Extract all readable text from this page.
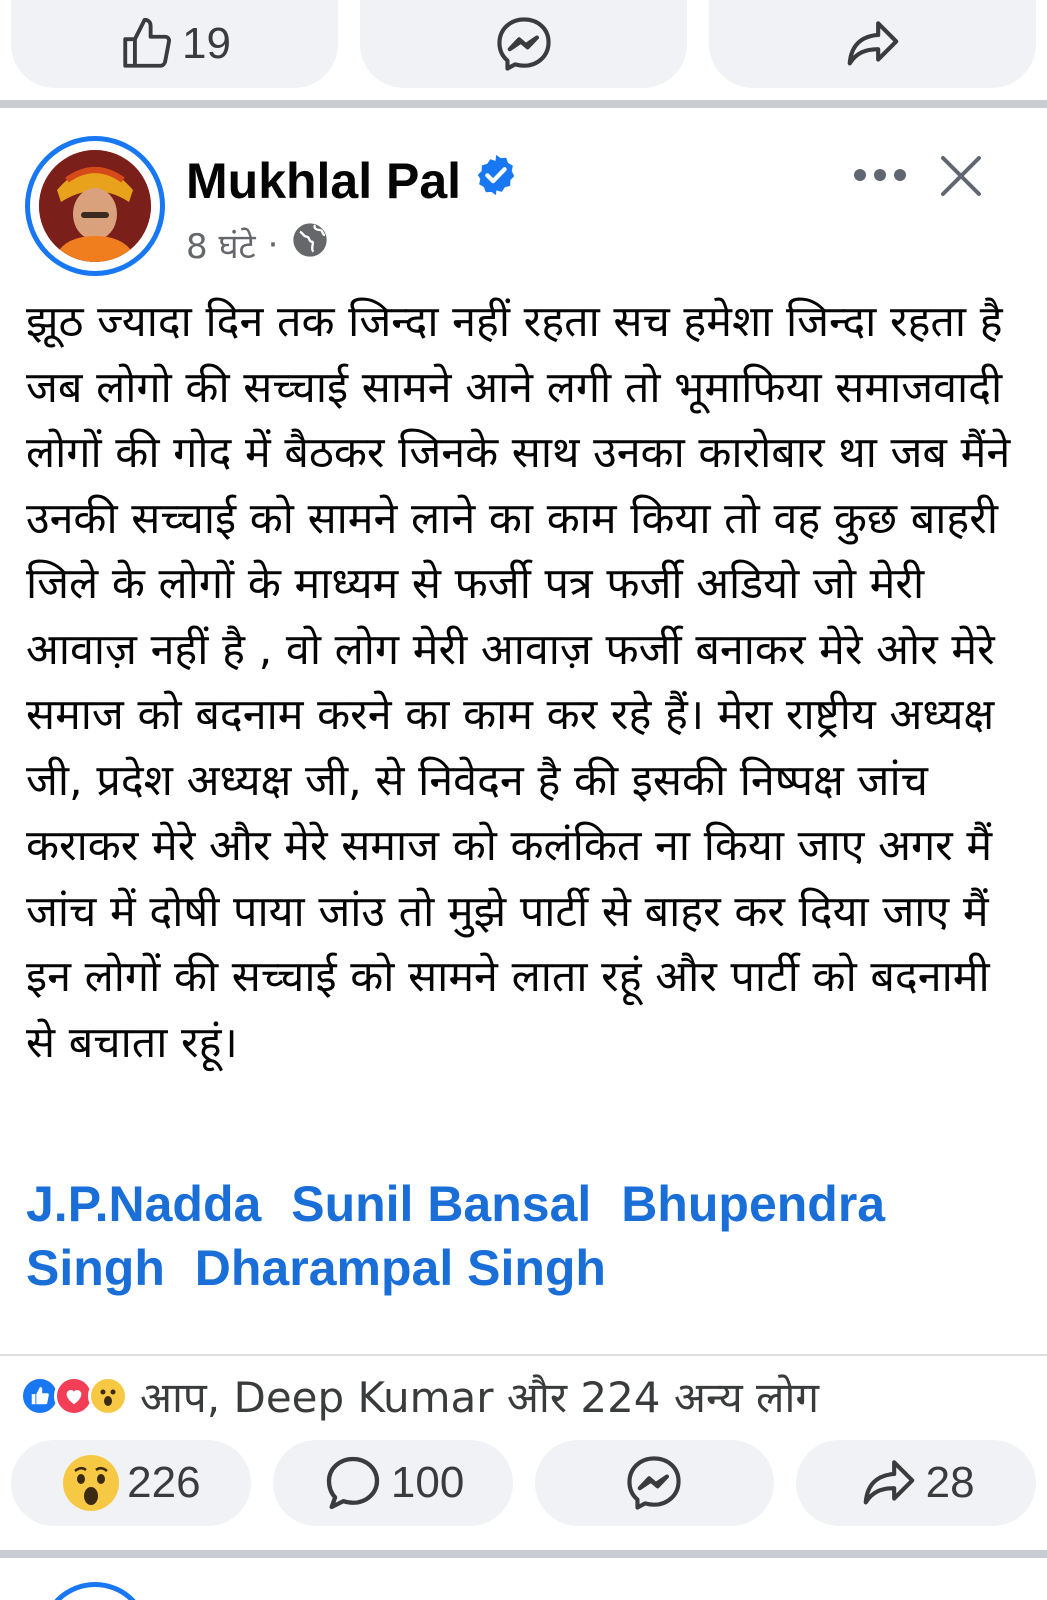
19
Mukhlal Pal
8 घंटे ·
झूठ ज्यादा दिन तक जिन्दा नहीं रहता सच हमेशा जिन्दा रहता है जब लोगो की सच्चाई सामने आने लगी तो भूमाफिया समाजवादी लोगों की गोद में बैठकर जिनके साथ उनका कारोबार था जब मैंने उनकी सच्चाई को सामने लाने का काम किया तो वह कुछ बाहरी जिले के लोगों के माध्यम से फर्जी पत्र फर्जी अडियो जो मेरी आवाज़ नहीं है , वो लोग मेरी आवाज़ फर्जी बनाकर मेरे ओर मेरे समाज को बदनाम करने का काम कर रहे हैं। मेरा राष्ट्रीय अध्यक्ष जी, प्रदेश अध्यक्ष जी, से निवेदन है की इसकी निष्पक्ष जांच कराकर मेरे और मेरे समाज को कलंकित ना किया जाए अगर मैं जांच में दोषी पाया जांउ तो मुझे पार्टी से बाहर कर दिया जाए मैं इन लोगों की सच्चाई को सामने लाता रहूं और पार्टी को बदनामी से बचाता रहूं।
J.P.Nadda Sunil Bansal Bhupendra Singh Dharampal Singh
आप, Deep Kumar और 224 अन्य लोग
226	100	28
